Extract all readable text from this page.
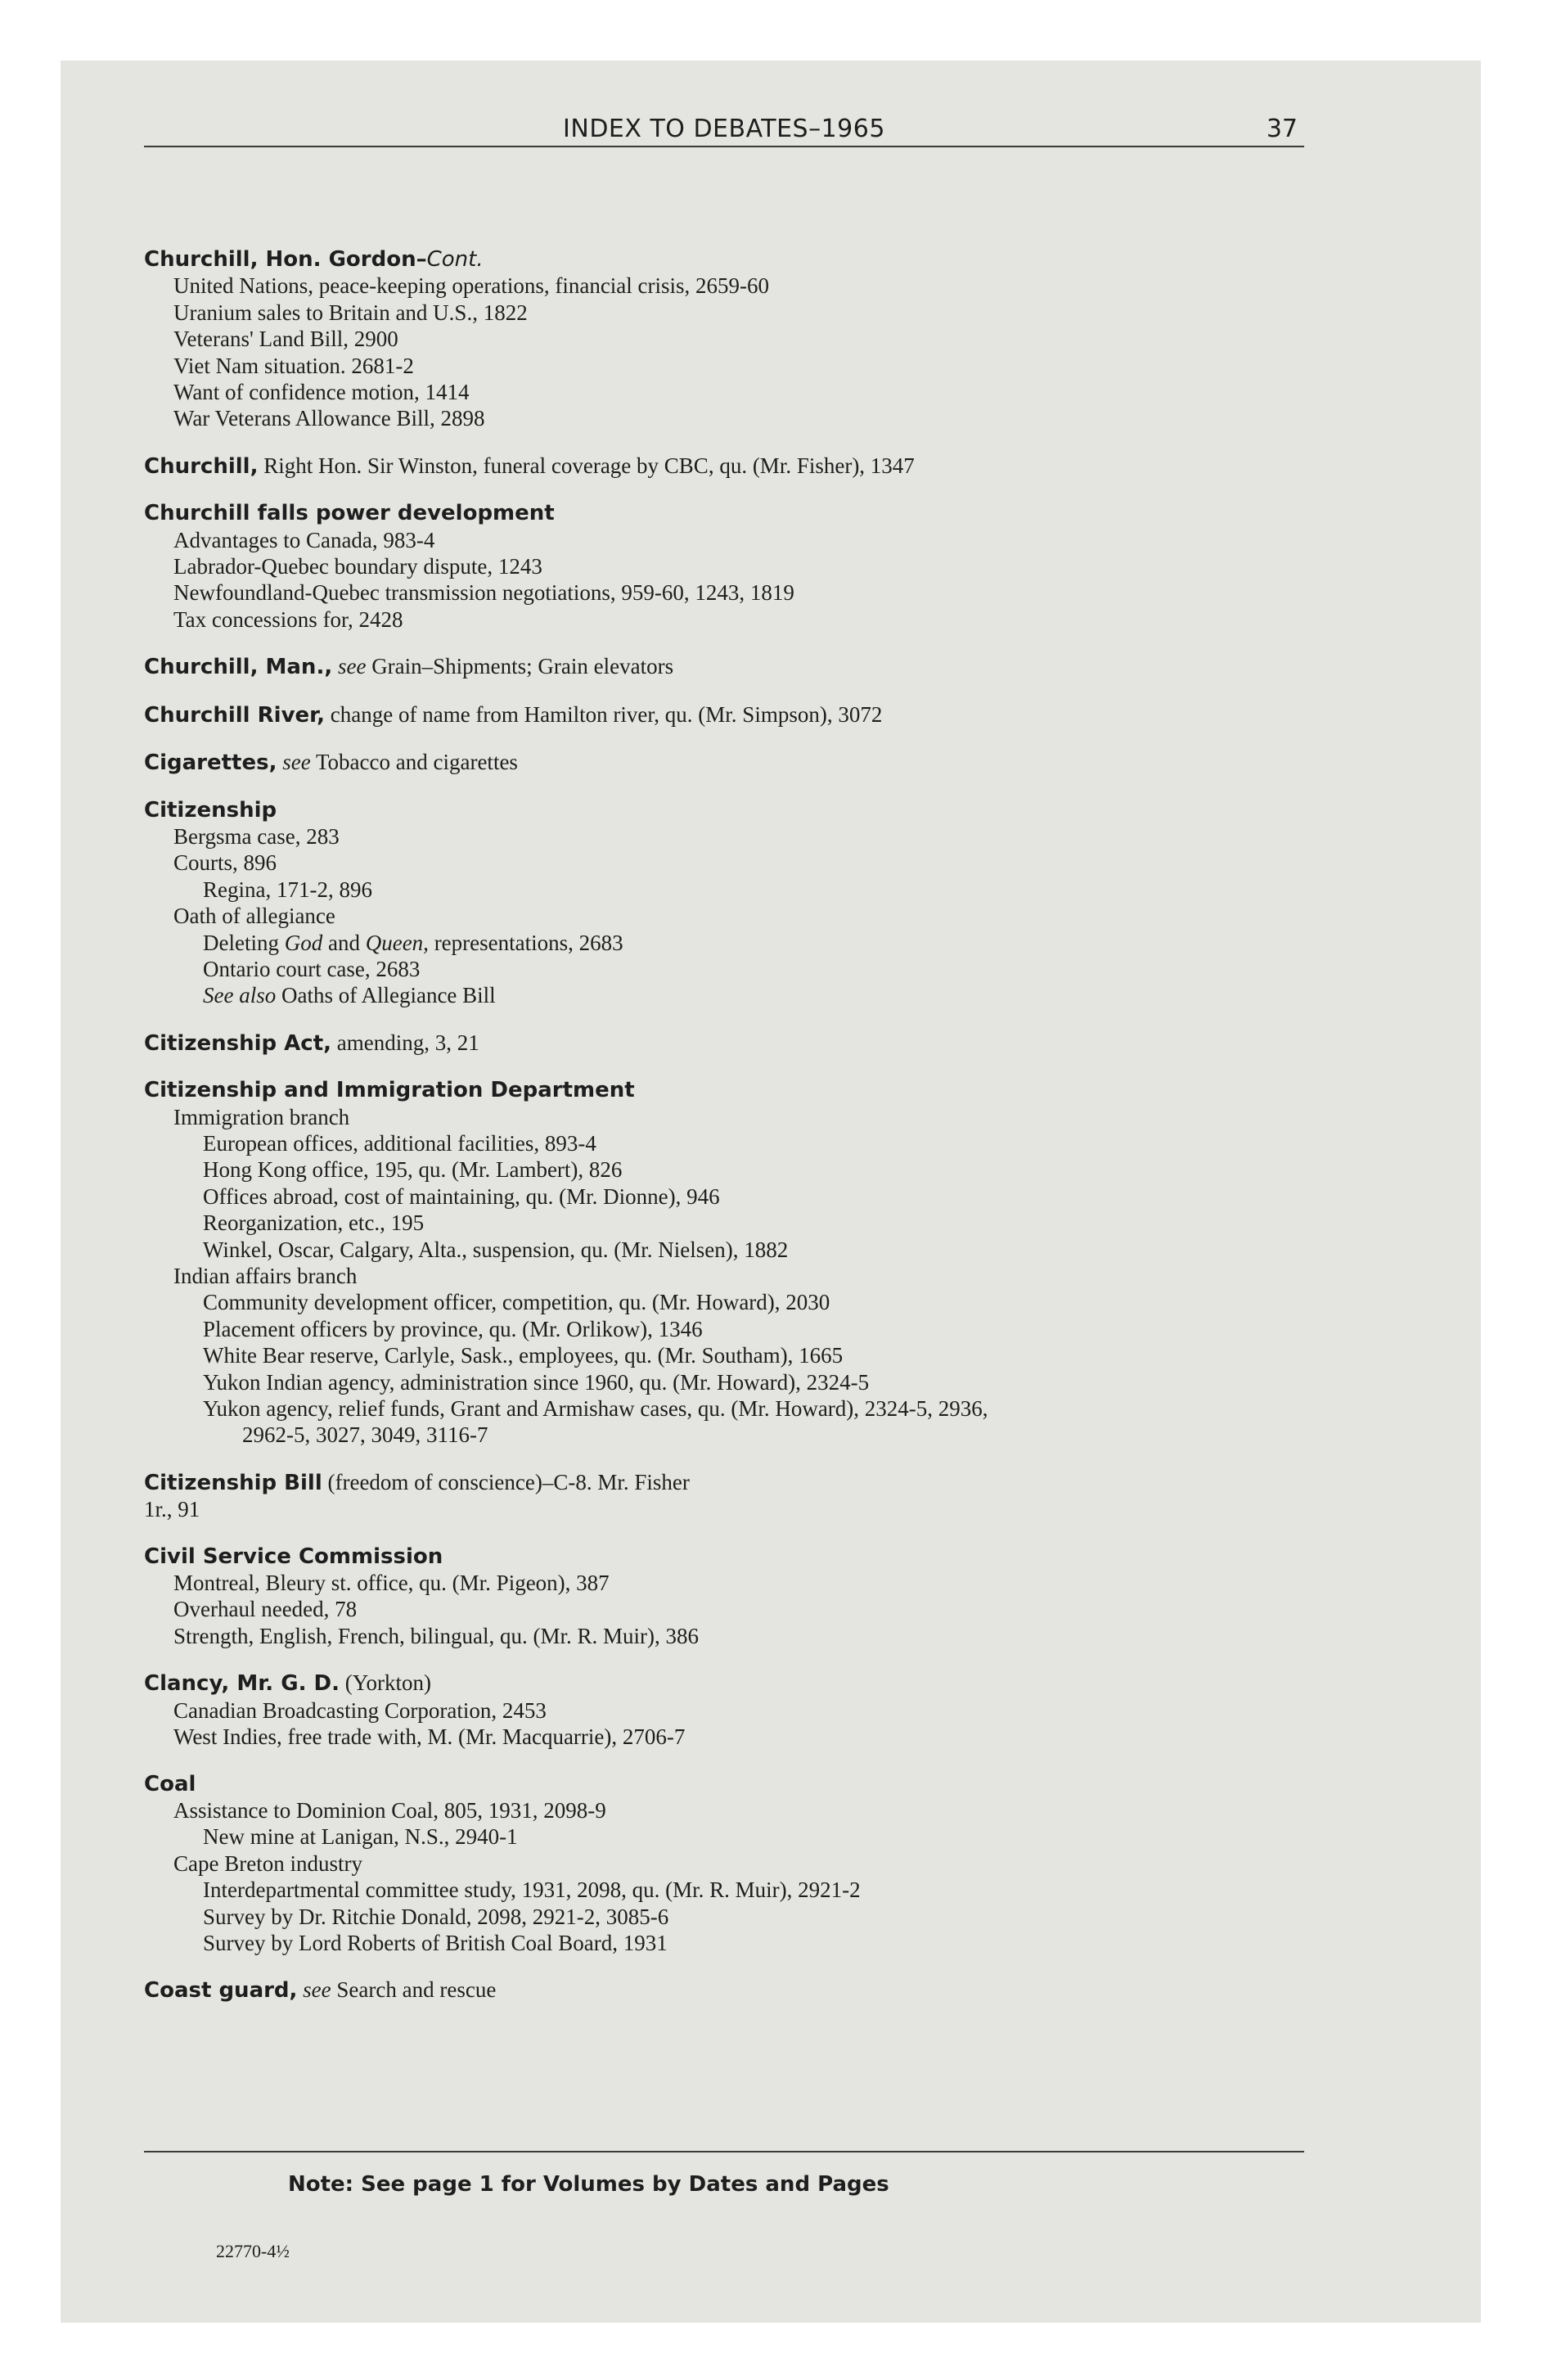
INDEX TO DEBATES–1965	37
Churchill, Hon. Gordon–Cont.
United Nations, peace-keeping operations, financial crisis, 2659-60
Uranium sales to Britain and U.S., 1822
Veterans' Land Bill, 2900
Viet Nam situation. 2681-2
Want of confidence motion, 1414
War Veterans Allowance Bill, 2898
Churchill, Right Hon. Sir Winston, funeral coverage by CBC, qu. (Mr. Fisher), 1347
Churchill falls power development
Advantages to Canada, 983-4
Labrador-Quebec boundary dispute, 1243
Newfoundland-Quebec transmission negotiations, 959-60, 1243, 1819
Tax concessions for, 2428
Churchill, Man., see Grain–Shipments; Grain elevators
Churchill River, change of name from Hamilton river, qu. (Mr. Simpson), 3072
Cigarettes, see Tobacco and cigarettes
Citizenship
Bergsma case, 283
Courts, 896
Regina, 171-2, 896
Oath of allegiance
Deleting God and Queen, representations, 2683
Ontario court case, 2683
See also Oaths of Allegiance Bill
Citizenship Act, amending, 3, 21
Citizenship and Immigration Department
Immigration branch
European offices, additional facilities, 893-4
Hong Kong office, 195, qu. (Mr. Lambert), 826
Offices abroad, cost of maintaining, qu. (Mr. Dionne), 946
Reorganization, etc., 195
Winkel, Oscar, Calgary, Alta., suspension, qu. (Mr. Nielsen), 1882
Indian affairs branch
Community development officer, competition, qu. (Mr. Howard), 2030
Placement officers by province, qu. (Mr. Orlikow), 1346
White Bear reserve, Carlyle, Sask., employees, qu. (Mr. Southam), 1665
Yukon Indian agency, administration since 1960, qu. (Mr. Howard), 2324-5
Yukon agency, relief funds, Grant and Armishaw cases, qu. (Mr. Howard), 2324-5, 2936,
2962-5, 3027, 3049, 3116-7
Citizenship Bill (freedom of conscience)–C-8. Mr. Fisher
1r., 91
Civil Service Commission
Montreal, Bleury st. office, qu. (Mr. Pigeon), 387
Overhaul needed, 78
Strength, English, French, bilingual, qu. (Mr. R. Muir), 386
Clancy, Mr. G. D. (Yorkton)
Canadian Broadcasting Corporation, 2453
West Indies, free trade with, M. (Mr. Macquarrie), 2706-7
Coal
Assistance to Dominion Coal, 805, 1931, 2098-9
New mine at Lanigan, N.S., 2940-1
Cape Breton industry
Interdepartmental committee study, 1931, 2098, qu. (Mr. R. Muir), 2921-2
Survey by Dr. Ritchie Donald, 2098, 2921-2, 3085-6
Survey by Lord Roberts of British Coal Board, 1931
Coast guard, see Search and rescue
Note: See page 1 for Volumes by Dates and Pages
22770-4½
